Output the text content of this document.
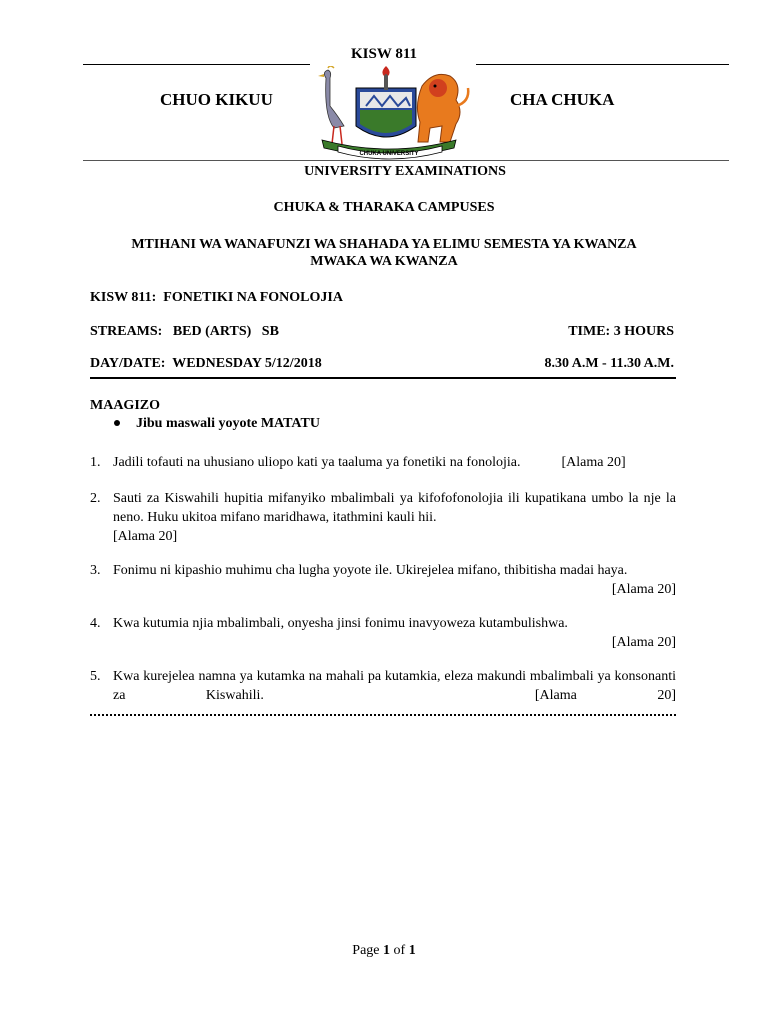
KISW 811
CHUO KIKUU	CHA CHUKA
CHUKA UNIVERSITY
UNIVERSITY EXAMINATIONS
CHUKA & THARAKA CAMPUSES
MTIHANI WA WANAFUNZI WA SHAHADA YA ELIMU SEMESTA YA KWANZA
MWAKA WA KWANZA
KISW 811:  FONETIKI NA FONOLOJIA
STREAMS:   BED (ARTS)   SB	TIME: 3 HOURS
DAY/DATE:  WEDNESDAY 5/12/2018	8.30 A.M - 11.30 A.M.
MAAGIZO
Jibu maswali yoyote MATATU
1. Jadili tofauti na uhusiano uliopo kati ya taaluma ya fonetiki na fonolojia.	[Alama 20]
2. Sauti za Kiswahili hupitia mifanyiko mbalimbali ya kifofofonolojia ili kupatikana umbo la nje la neno. Huku ukitoa mifano maridhawa, itathmini kauli hii.
[Alama 20]
3. Fonimu ni kipashio muhimu cha lugha yoyote ile. Ukirejelea mifano, thibitisha madai haya.
[Alama 20]
4. Kwa kutumia njia mbalimbali, onyesha jinsi fonimu inavyoweza kutambulishwa.
[Alama 20]
5. Kwa kurejelea namna ya kutamka na mahali pa kutamkia, eleza makundi mbalimbali ya konsonanti za Kiswahili.	[Alama 20]
Page 1 of 1
